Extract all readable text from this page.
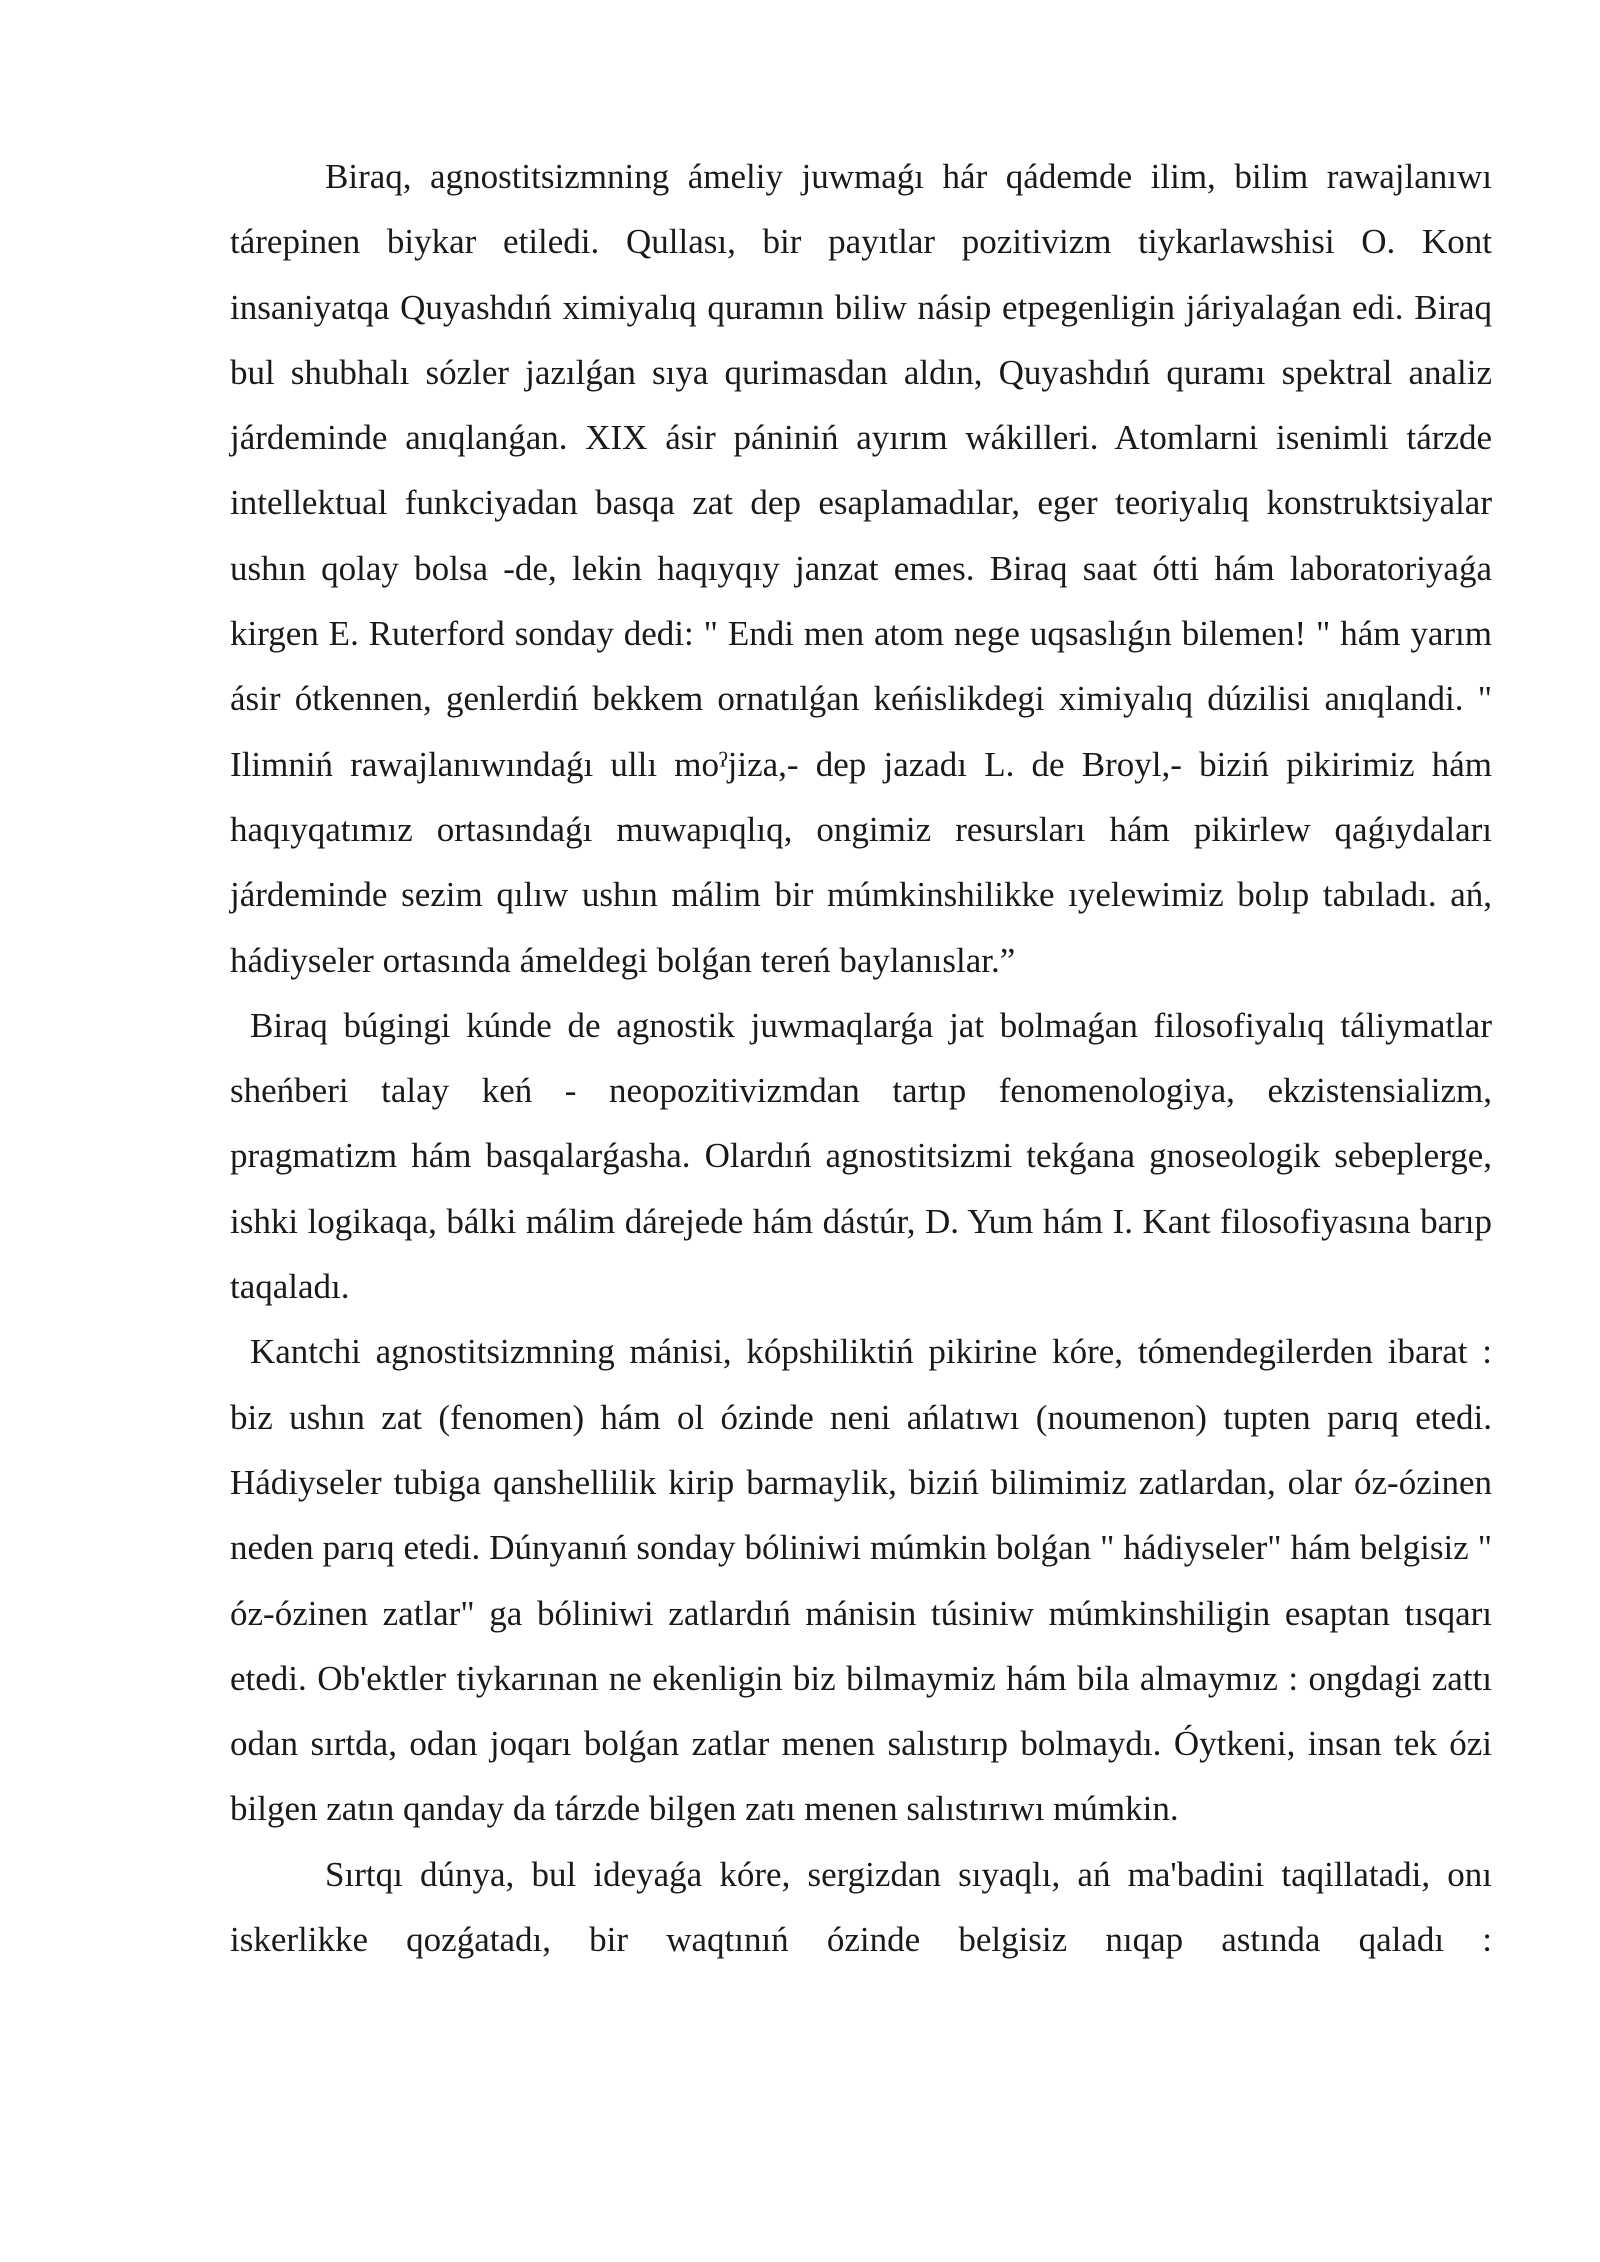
Biraq, agnostitsizmning ámeliy juwmaǵı hár qádemde ilim, bilim rawajlanıwı tárepinen biykar etiledi. Qullası, bir payıtlar pozitivizm tiykarlawshisi O. Kont insaniyatqa Quyashdıń ximiyalıq quramın biliw násip etpegenligin járiyalaǵan edi. Biraq bul shubhalı sózler jazılǵan sıya qurimasdan aldın, Quyashdıń quramı spektral analiz járdeminde anıqlanǵan. XIX ásir pániniń ayırım wákilleri. Atomlarni isenimli tárzde intellektual funkciyadan basqa zat dep esaplamadılar, eger teoriyalıq konstruktsiyalar ushın qolay bolsa -de, lekin haqıyqıy janzat emes. Biraq saat ótti hám laboratoriyaǵa kirgen E. Ruterford sonday dedi: " Endi men atom nege uqsaslıǵın bilemen! " hám yarım ásir ótkennen, genlerdiń bekkem ornatılǵan keńislikdegi ximiyalıq dúzilisi anıqlandi. " Ilimniń rawajlanıwındaǵı ullı moˀjiza,- dep jazadı L. de Broyl,- biziń pikirimiz hám haqıyqatımız ortasındaǵı muwapıqlıq, ongimiz resursları hám pikirlew qaǵıydaları járdeminde sezim qılıw ushın málim bir múmkinshilikke ıyelewimiz bolıp tabıladı. ań, hádiyseler ortasında ámeldegi bolǵan tereń baylanıslar.”

Biraq búgingi kúnde de agnostik juwmaqlarǵa jat bolmaǵan filosofiyalıq táliymatlar sheńberi talay keń - neopozitivizmdan tartıp fenomenologiya, ekzistensializm, pragmatizm hám basqalarǵasha. Olardıń agnostitsizmi tekǵana gnoseologik sebeplerge, ishki logikaqa, bálki málim dárejede hám dástúr, D. Yum hám I. Kant filosofiyasına barıp taqaladı.

Kantchi agnostitsizmning mánisi, kópshiliktiń pikirine kóre, tómendegilerden ibarat : biz ushın zat (fenomen) hám ol ózinde neni ańlatıwı (noumenon) tupten parıq etedi. Hádiyseler tubiga qanshellilik kirip barmaylik, biziń bilimimiz zatlardan, olar óz-ózinen neden parıq etedi. Dúnyanıń sonday bóliniwi múmkin bolǵan " hádiyseler" hám belgisiz " óz-ózinen zatlar" ga bóliniwi zatlardıń mánisin túsiniw múmkinshiligin esaptan tısqarı etedi. Ob'ektler tiykarınan ne ekenligin biz bilmaymiz hám bila almaymız : ongdagi zattı odan sırtda, odan joqarı bolǵan zatlar menen salıstırıp bolmaydı. Óytkeni, insan tek ózi bilgen zatın qanday da tárzde bilgen zatı menen salıstırıwı múmkin.

Sırtqı dúnya, bul ideyaǵa kóre, sergizdan sıyaqlı, ań ma'badini taqillatadi, onı iskerlikke qozǵatadı, bir waqtınıń ózinde belgisiz nıqap astında qaladı :
